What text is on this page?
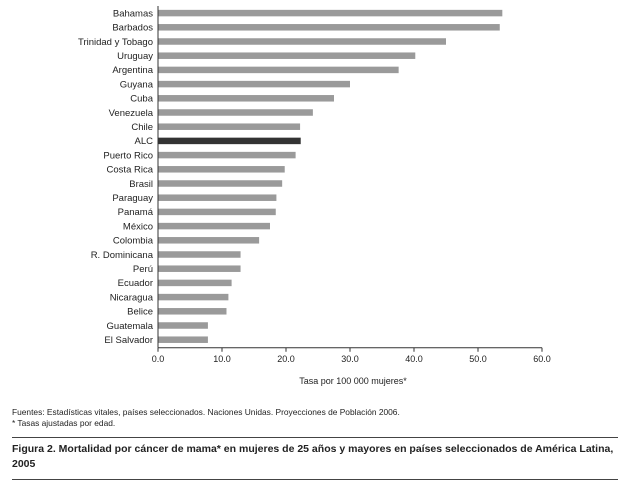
Bahamas
Barbados
Trinidad y Tobago
Uruguay
Argentina
Guyana
Cuba
Venezuela
Chile
ALC
Puerto Rico
Costa Rica
Brasil
Paraguay
Panamá
México
Colombia
R. Dominicana
Perú
Ecuador
Nicaragua
Belice
Guatemala
El Salvador
0.0	10.0	20.0	30.0	40.0	50.0	60.0
Tasa por 100 000 mujeres*
Fuentes: Estadísticas vitales, países seleccionados. Naciones Unidas. Proyecciones de Población 2006.
* Tasas ajustadas por edad.
Figura 2. Mortalidad por cáncer de mama* en mujeres de 25 años y mayores en países seleccionados de América Latina, 2005
